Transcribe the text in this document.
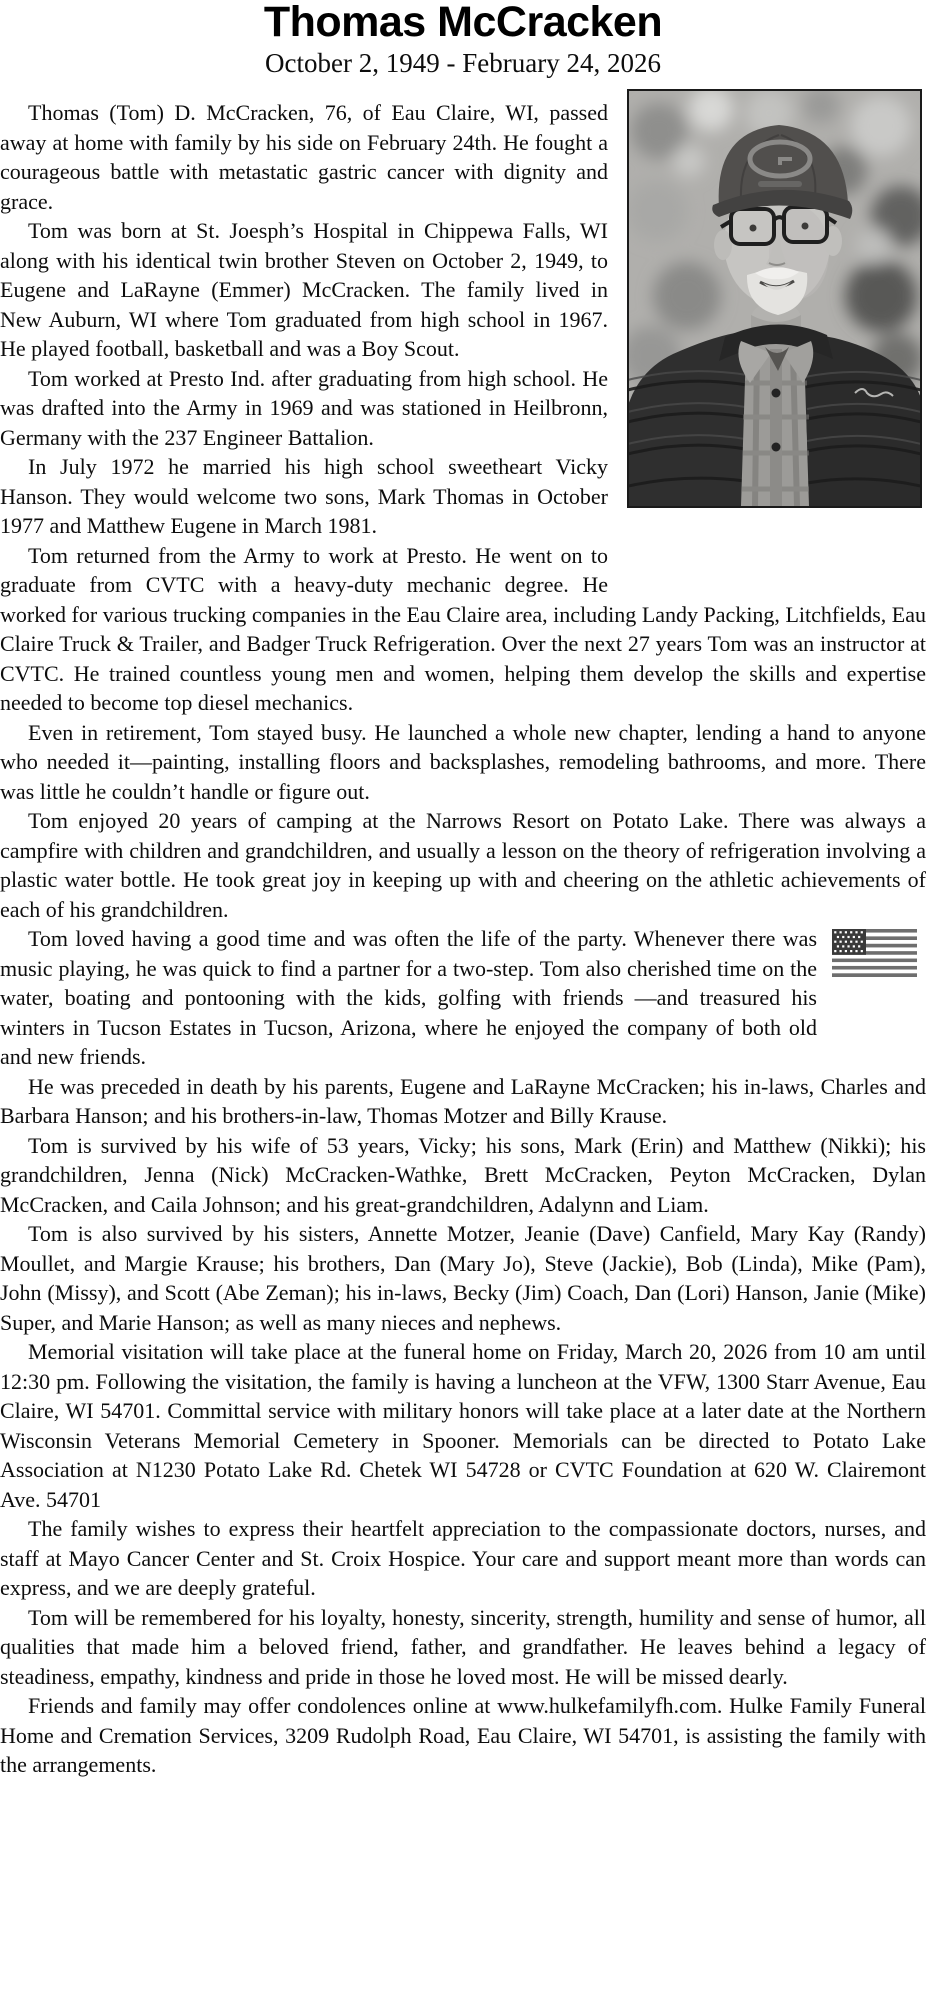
Thomas McCracken
October 2, 1949 - February 24, 2026

Thomas (Tom) D. McCracken, 76, of Eau Claire, WI, passed away at home with family by his side on February 24th. He fought a courageous battle with metastatic gastric cancer with dignity and grace.

Tom was born at St. Joesph’s Hospital in Chippewa Falls, WI along with his identical twin brother Steven on October 2, 1949, to Eugene and LaRayne (Emmer) McCracken. The family lived in New Auburn, WI where Tom graduated from high school in 1967. He played football, basketball and was a Boy Scout.

Tom worked at Presto Ind. after graduating from high school. He was drafted into the Army in 1969 and was stationed in Heilbronn, Germany with the 237 Engineer Battalion.

In July 1972 he married his high school sweetheart Vicky Hanson. They would welcome two sons, Mark Thomas in October 1977 and Matthew Eugene in March 1981.

Tom returned from the Army to work at Presto. He went on to graduate from CVTC with a heavy-duty mechanic degree. He worked for various trucking companies in the Eau Claire area, including Landy Packing, Litchfields, Eau Claire Truck & Trailer, and Badger Truck Refrigeration. Over the next 27 years Tom was an instructor at CVTC. He trained countless young men and women, helping them develop the skills and expertise needed to become top diesel mechanics.

Even in retirement, Tom stayed busy. He launched a whole new chapter, lending a hand to anyone who needed it—painting, installing floors and backsplashes, remodeling bathrooms, and more. There was little he couldn’t handle or figure out.

Tom enjoyed 20 years of camping at the Narrows Resort on Potato Lake. There was always a campfire with children and grandchildren, and usually a lesson on the theory of refrigeration involving a plastic water bottle. He took great joy in keeping up with and cheering on the athletic achievements of each of his grandchildren.

Tom loved having a good time and was often the life of the party. Whenever there was music playing, he was quick to find a partner for a two-step. Tom also cherished time on the water, boating and pontooning with the kids, golfing with friends —and treasured his winters in Tucson Estates in Tucson, Arizona, where he enjoyed the company of both old and new friends.

He was preceded in death by his parents, Eugene and LaRayne McCracken; his in-laws, Charles and Barbara Hanson; and his brothers-in-law, Thomas Motzer and Billy Krause.

Tom is survived by his wife of 53 years, Vicky; his sons, Mark (Erin) and Matthew (Nikki); his grandchildren, Jenna (Nick) McCracken-Wathke, Brett McCracken, Peyton McCracken, Dylan McCracken, and Caila Johnson; and his great-grandchildren, Adalynn and Liam.

Tom is also survived by his sisters, Annette Motzer, Jeanie (Dave) Canfield, Mary Kay (Randy) Moullet, and Margie Krause; his brothers, Dan (Mary Jo), Steve (Jackie), Bob (Linda), Mike (Pam), John (Missy), and Scott (Abe Zeman); his in-laws, Becky (Jim) Coach, Dan (Lori) Hanson, Janie (Mike) Super, and Marie Hanson; as well as many nieces and nephews.

Memorial visitation will take place at the funeral home on Friday, March 20, 2026 from 10 am until 12:30 pm. Following the visitation, the family is having a luncheon at the VFW, 1300 Starr Avenue, Eau Claire, WI 54701. Committal service with military honors will take place at a later date at the Northern Wisconsin Veterans Memorial Cemetery in Spooner. Memorials can be directed to Potato Lake Association at N1230 Potato Lake Rd. Chetek WI 54728 or CVTC Foundation at 620 W. Clairemont Ave. 54701

The family wishes to express their heartfelt appreciation to the compassionate doctors, nurses, and staff at Mayo Cancer Center and St. Croix Hospice. Your care and support meant more than words can express, and we are deeply grateful.

Tom will be remembered for his loyalty, honesty, sincerity, strength, humility and sense of humor, all qualities that made him a beloved friend, father, and grandfather. He leaves behind a legacy of steadiness, empathy, kindness and pride in those he loved most. He will be missed dearly.

Friends and family may offer condolences online at www.hulkefamilyfh.com. Hulke Family Funeral Home and Cremation Services, 3209 Rudolph Road, Eau Claire, WI 54701, is assisting the family with the arrangements.
